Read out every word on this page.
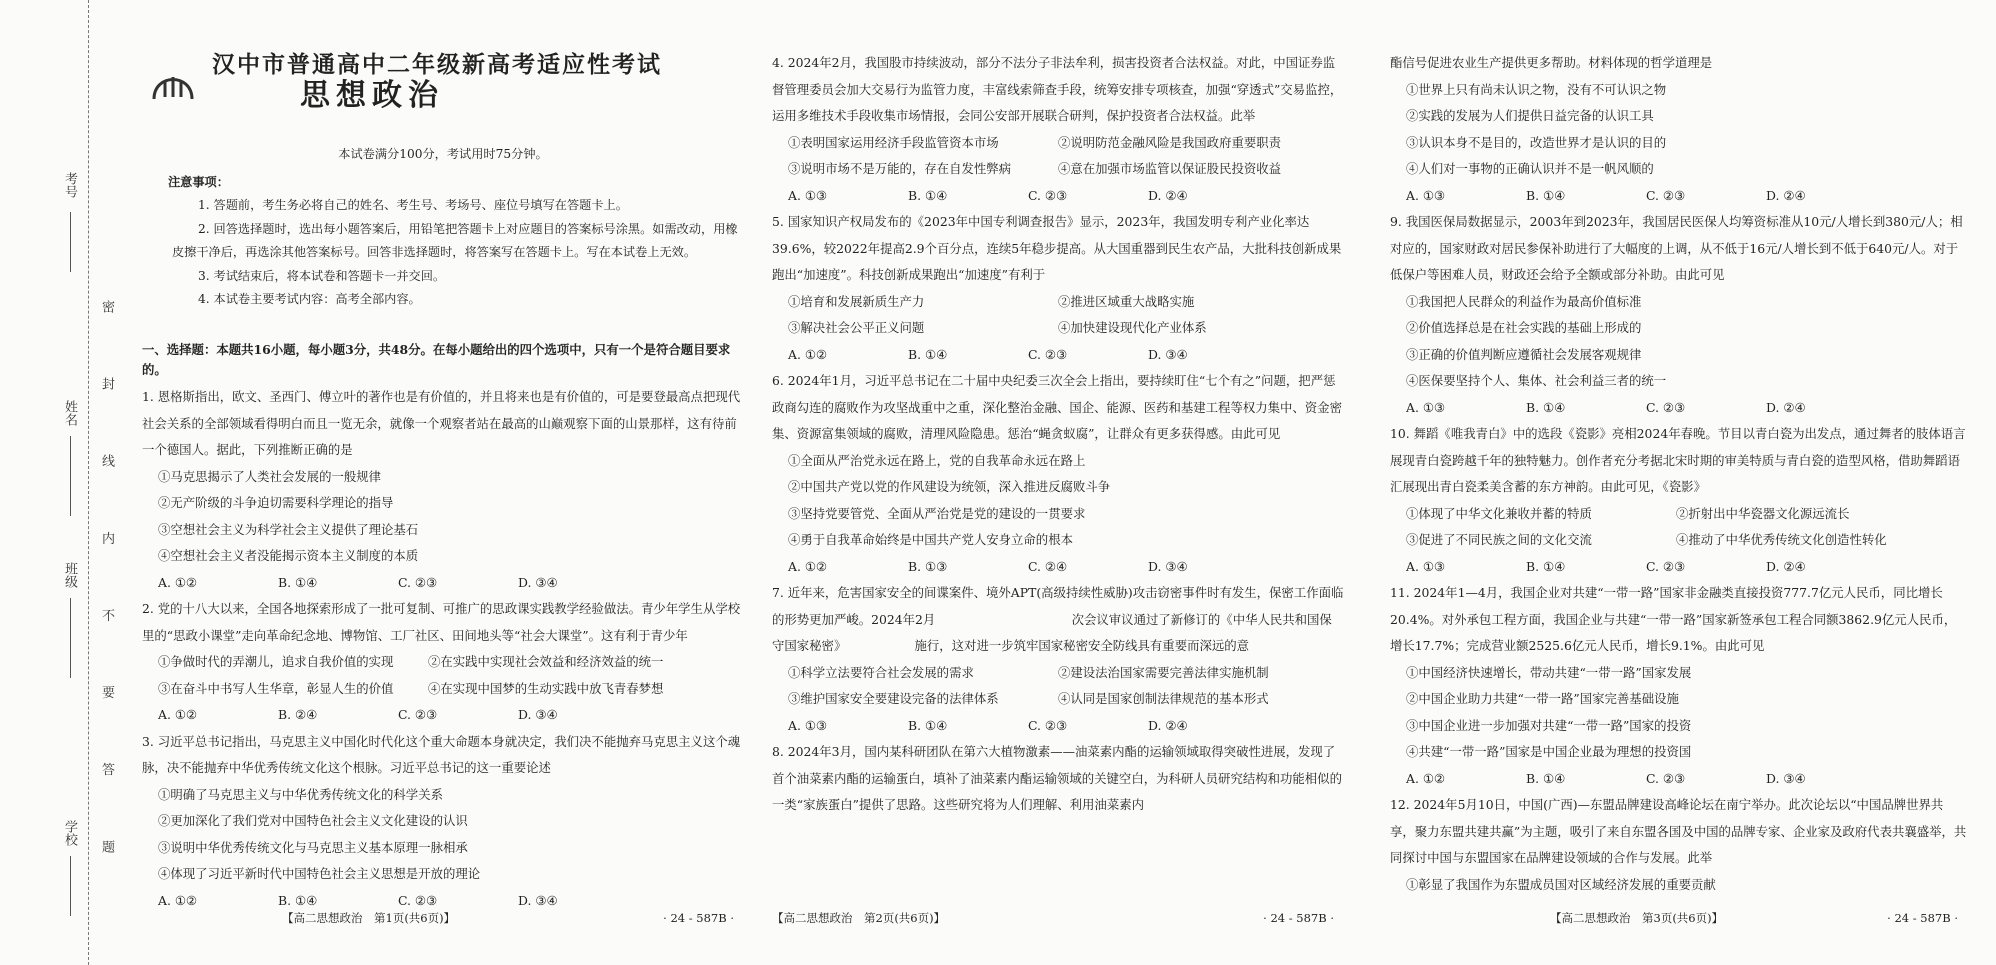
密 封 线 内 不 要 答 题
考号
姓名
班级
学校

汉中市普通高中二年级新高考适应性考试

思想政治

本试卷满分100分，考试用时75分钟。

注意事项：

1. 答题前，考生务必将自己的姓名、考生号、考场号、座位号填写在答题卡上。

2. 回答选择题时，选出每小题答案后，用铅笔把答题卡上对应题目的答案标号涂黑。如需改动，用橡皮擦干净后，再选涂其他答案标号。回答非选择题时，将答案写在答题卡上。写在本试卷上无效。

3. 考试结束后，将本试卷和答题卡一并交回。

4. 本试卷主要考试内容：高考全部内容。

一、选择题：本题共16小题，每小题3分，共48分。在每小题给出的四个选项中，只有一个是符合题目要求的。

1. 恩格斯指出，欧文、圣西门、傅立叶的著作也是有价值的，并且将来也是有价值的，可是要登最高点把现代社会关系的全部领域看得明白而且一览无余，就像一个观察者站在最高的山巅观察下面的山景那样，这有待前一个德国人。据此，下列推断正确的是

①马克思揭示了人类社会发展的一般规律

②无产阶级的斗争迫切需要科学理论的指导

③空想社会主义为科学社会主义提供了理论基石

④空想社会主义者没能揭示资本主义制度的本质

A. ①②	B. ①④	C. ②③	D. ③④

2. 党的十八大以来，全国各地探索形成了一批可复制、可推广的思政课实践教学经验做法。青少年学生从学校里的“思政小课堂”走向革命纪念地、博物馆、工厂社区、田间地头等“社会大课堂”。这有利于青少年

①争做时代的弄潮儿，追求自我价值的实现	②在实践中实现社会效益和经济效益的统一
③在奋斗中书写人生华章，彰显人生的价值	④在实现中国梦的生动实践中放飞青春梦想
A. ①②	B. ②④	C. ②③	D. ③④

3. 习近平总书记指出，马克思主义中国化时代化这个重大命题本身就决定，我们决不能抛弃马克思主义这个魂脉，决不能抛弃中华优秀传统文化这个根脉。习近平总书记的这一重要论述

①明确了马克思主义与中华优秀传统文化的科学关系

②更加深化了我们党对中国特色社会主义文化建设的认识

③说明中华优秀传统文化与马克思主义基本原理一脉相承

④体现了习近平新时代中国特色社会主义思想是开放的理论

A. ①②	B. ①④	C. ②③	D. ③④
【高二思想政治　第1页(共6页)】	· 24 - 587B ·

4. 2024年2月，我国股市持续波动，部分不法分子非法牟利，损害投资者合法权益。对此，中国证券监督管理委员会加大交易行为监管力度，丰富线索筛查手段，统筹安排专项核查，加强“穿透式”交易监控，运用多维技术手段收集市场情报，会同公安部开展联合研判，保护投资者合法权益。此举

①表明国家运用经济手段监管资本市场	②说明防范金融风险是我国政府重要职责
③说明市场不是万能的，存在自发性弊病	④意在加强市场监管以保证股民投资收益
A. ①③	B. ①④	C. ②③	D. ②④

5. 国家知识产权局发布的《2023年中国专利调查报告》显示，2023年，我国发明专利产业化率达39.6%，较2022年提高2.9个百分点，连续5年稳步提高。从大国重器到民生农产品，大批科技创新成果跑出“加速度”。科技创新成果跑出“加速度”有利于

①培育和发展新质生产力	②推进区域重大战略实施
③解决社会公平正义问题	④加快建设现代化产业体系
A. ①②	B. ①④	C. ②③	D. ③④

6. 2024年1月，习近平总书记在二十届中央纪委三次全会上指出，要持续盯住“七个有之”问题，把严惩政商勾连的腐败作为攻坚战重中之重，深化整治金融、国企、能源、医药和基建工程等权力集中、资金密集、资源富集领域的腐败，清理风险隐患。惩治“蝇贪蚁腐”，让群众有更多获得感。由此可见

①全面从严治党永远在路上，党的自我革命永远在路上

②中国共产党以党的作风建设为统领，深入推进反腐败斗争

③坚持党要管党、全面从严治党是党的建设的一贯要求

④勇于自我革命始终是中国共产党人安身立命的根本

A. ①②	B. ①③	C. ②④	D. ③④

7. 近年来，危害国家安全的间谍案件、境外APT(高级持续性威胁)攻击窃密事件时有发生，保密工作面临的形势更加严峻。2024年2月　　　　　　　　　　　次会议审议通过了新修订的《中华人民共和国保守国家秘密》　　　　　　施行，这对进一步筑牢国家秘密安全防线具有重要而深远的意

①科学立法要符合社会发展的需求	②建设法治国家需要完善法律实施机制
③维护国家安全要建设完备的法律体系	④认同是国家创制法律规范的基本形式
A. ①③	B. ①④	C. ②③	D. ②④

8. 2024年3月，国内某科研团队在第六大植物激素——油菜素内酯的运输领域取得突破性进展，发现了首个油菜素内酯的运输蛋白，填补了油菜素内酯运输领域的关键空白，为科研人员研究结构和功能相似的一类“家族蛋白”提供了思路。这些研究将为人们理解、利用油菜素内

【高二思想政治　第2页(共6页)】	· 24 - 587B ·

酯信号促进农业生产提供更多帮助。材料体现的哲学道理是

①世界上只有尚未认识之物，没有不可认识之物

②实践的发展为人们提供日益完备的认识工具

③认识本身不是目的，改造世界才是认识的目的

④人们对一事物的正确认识并不是一帆风顺的

A. ①③	B. ①④	C. ②③	D. ②④

9. 我国医保局数据显示，2003年到2023年，我国居民医保人均筹资标准从10元/人增长到380元/人；相对应的，国家财政对居民参保补助进行了大幅度的上调，从不低于16元/人增长到不低于640元/人。对于低保户等困难人员，财政还会给予全额或部分补助。由此可见

①我国把人民群众的利益作为最高价值标准

②价值选择总是在社会实践的基础上形成的

③正确的价值判断应遵循社会发展客观规律

④医保要坚持个人、集体、社会利益三者的统一

A. ①③	B. ①④	C. ②③	D. ②④

10. 舞蹈《唯我青白》中的选段《瓷影》亮相2024年春晚。节目以青白瓷为出发点，通过舞者的肢体语言展现青白瓷跨越千年的独特魅力。创作者充分考据北宋时期的审美特质与青白瓷的造型风格，借助舞蹈语汇展现出青白瓷柔美含蓄的东方神韵。由此可见，《瓷影》

①体现了中华文化兼收并蓄的特质	②折射出中华瓷器文化源远流长
③促进了不同民族之间的文化交流	④推动了中华优秀传统文化创造性转化
A. ①③	B. ①④	C. ②③	D. ②④

11. 2024年1—4月，我国企业对共建“一带一路”国家非金融类直接投资777.7亿元人民币，同比增长20.4%。对外承包工程方面，我国企业与共建“一带一路”国家新签承包工程合同额3862.9亿元人民币，增长17.7%；完成营业额2525.6亿元人民币，增长9.1%。由此可见

①中国经济快速增长，带动共建“一带一路”国家发展

②中国企业助力共建“一带一路”国家完善基础设施

③中国企业进一步加强对共建“一带一路”国家的投资

④共建“一带一路”国家是中国企业最为理想的投资国

A. ①②	B. ①④	C. ②③	D. ③④

12. 2024年5月10日，中国(广西)—东盟品牌建设高峰论坛在南宁举办。此次论坛以“中国品牌世界共享，聚力东盟共建共赢”为主题，吸引了来自东盟各国及中国的品牌专家、企业家及政府代表共襄盛举，共同探讨中国与东盟国家在品牌建设领域的合作与发展。此举

①彰显了我国作为东盟成员国对区域经济发展的重要贡献

【高二思想政治　第3页(共6页)】	· 24 - 587B ·
